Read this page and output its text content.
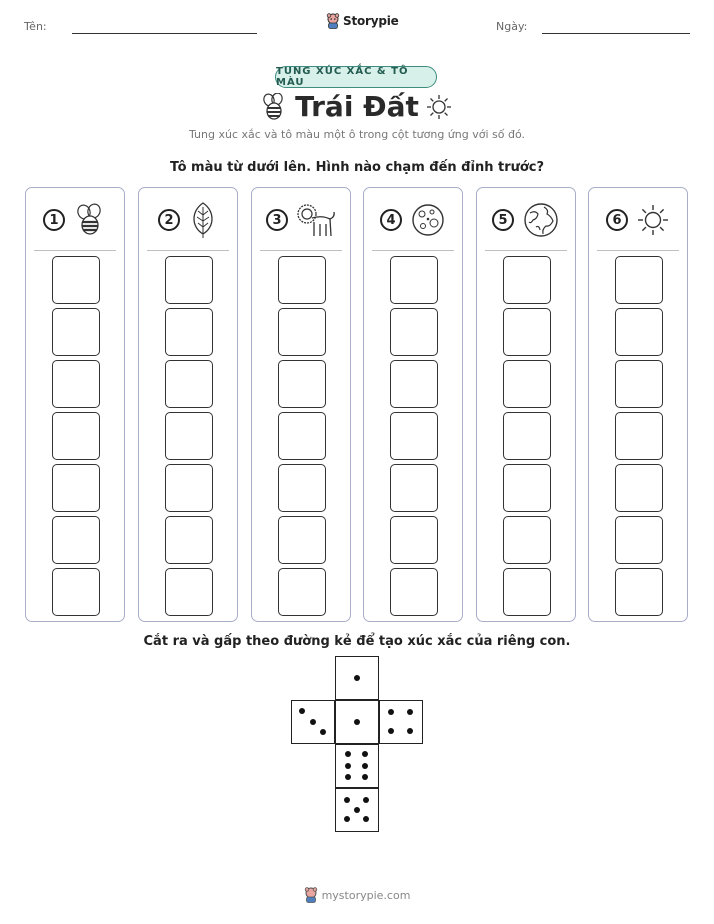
Tên:	Storypie	Ngày:
TUNG XÚC XẮC & TÔ MÀU
Trái Đất
Tung xúc xắc và tô màu một ô trong cột tương ứng với số đó.
Tô màu từ dưới lên. Hình nào chạm đến đỉnh trước?
1	2	3	4	5	6
Cắt ra và gấp theo đường kẻ để tạo xúc xắc của riêng con.
mystorypie.com
